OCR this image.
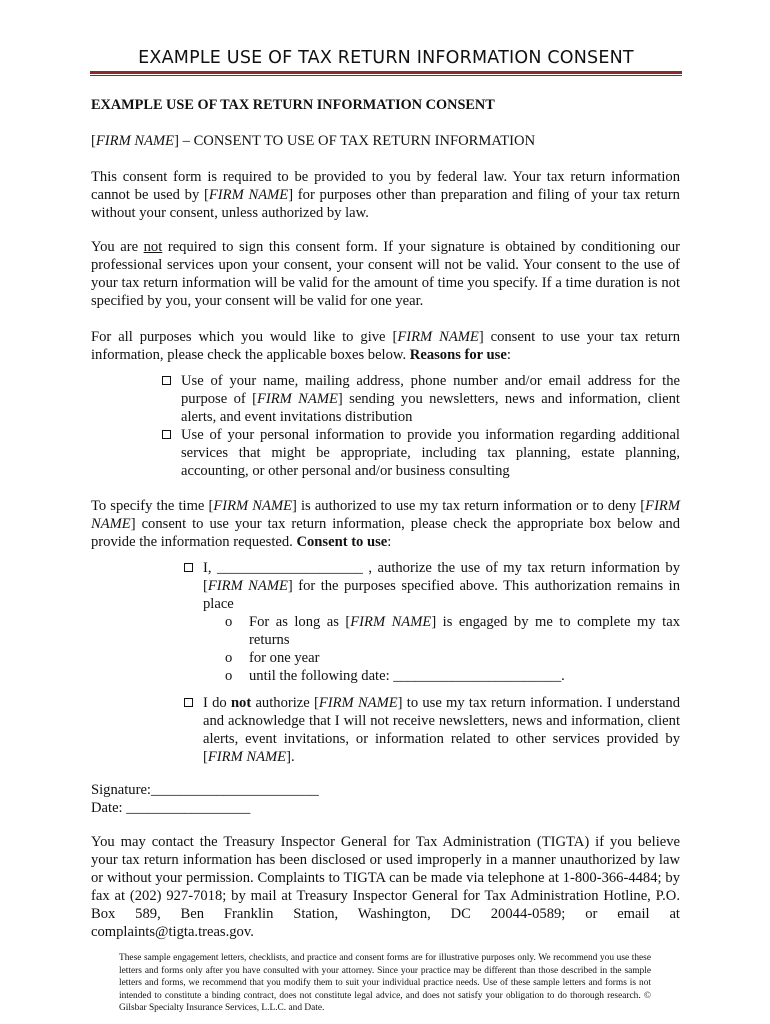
EXAMPLE USE OF TAX RETURN INFORMATION CONSENT
EXAMPLE USE OF TAX RETURN INFORMATION CONSENT
[FIRM NAME] – CONSENT TO USE OF TAX RETURN INFORMATION
This consent form is required to be provided to you by federal law. Your tax return information cannot be used by [FIRM NAME] for purposes other than preparation and filing of your tax return without your consent, unless authorized by law.
You are not required to sign this consent form. If your signature is obtained by conditioning our professional services upon your consent, your consent will not be valid. Your consent to the use of your tax return information will be valid for the amount of time you specify. If a time duration is not specified by you, your consent will be valid for one year.
For all purposes which you would like to give [FIRM NAME] consent to use your tax return information, please check the applicable boxes below. Reasons for use:
Use of your name, mailing address, phone number and/or email address for the purpose of [FIRM NAME] sending you newsletters, news and information, client alerts, and event invitations distribution
Use of your personal information to provide you information regarding additional services that might be appropriate, including tax planning, estate planning, accounting, or other personal and/or business consulting
To specify the time [FIRM NAME] is authorized to use my tax return information or to deny [FIRM NAME] consent to use your tax return information, please check the appropriate box below and provide the information requested. Consent to use:
I, ____________________ , authorize the use of my tax return information by [FIRM NAME] for the purposes specified above. This authorization remains in place
o For as long as [FIRM NAME] is engaged by me to complete my tax returns
o for one year
o until the following date: _______________________.
I do not authorize [FIRM NAME] to use my tax return information. I understand and acknowledge that I will not receive newsletters, news and information, client alerts, event invitations, or information related to other services provided by [FIRM NAME].
Signature:_______________________
Date: _________________
You may contact the Treasury Inspector General for Tax Administration (TIGTA) if you believe your tax return information has been disclosed or used improperly in a manner unauthorized by law or without your permission. Complaints to TIGTA can be made via telephone at 1-800-366-4484; by fax at (202) 927-7018; by mail at Treasury Inspector General for Tax Administration Hotline, P.O. Box 589, Ben Franklin Station, Washington, DC 20044-0589; or email at complaints@tigta.treas.gov.
These sample engagement letters, checklists, and practice and consent forms are for illustrative purposes only. We recommend you use these letters and forms only after you have consulted with your attorney. Since your practice may be different than those described in the sample letters and forms, we recommend that you modify them to suit your individual practice needs. Use of these sample letters and forms is not intended to constitute a binding contract, does not constitute legal advice, and does not satisfy your obligation to do thorough research. © Gilsbar Specialty Insurance Services, L.L.C. and Date.
